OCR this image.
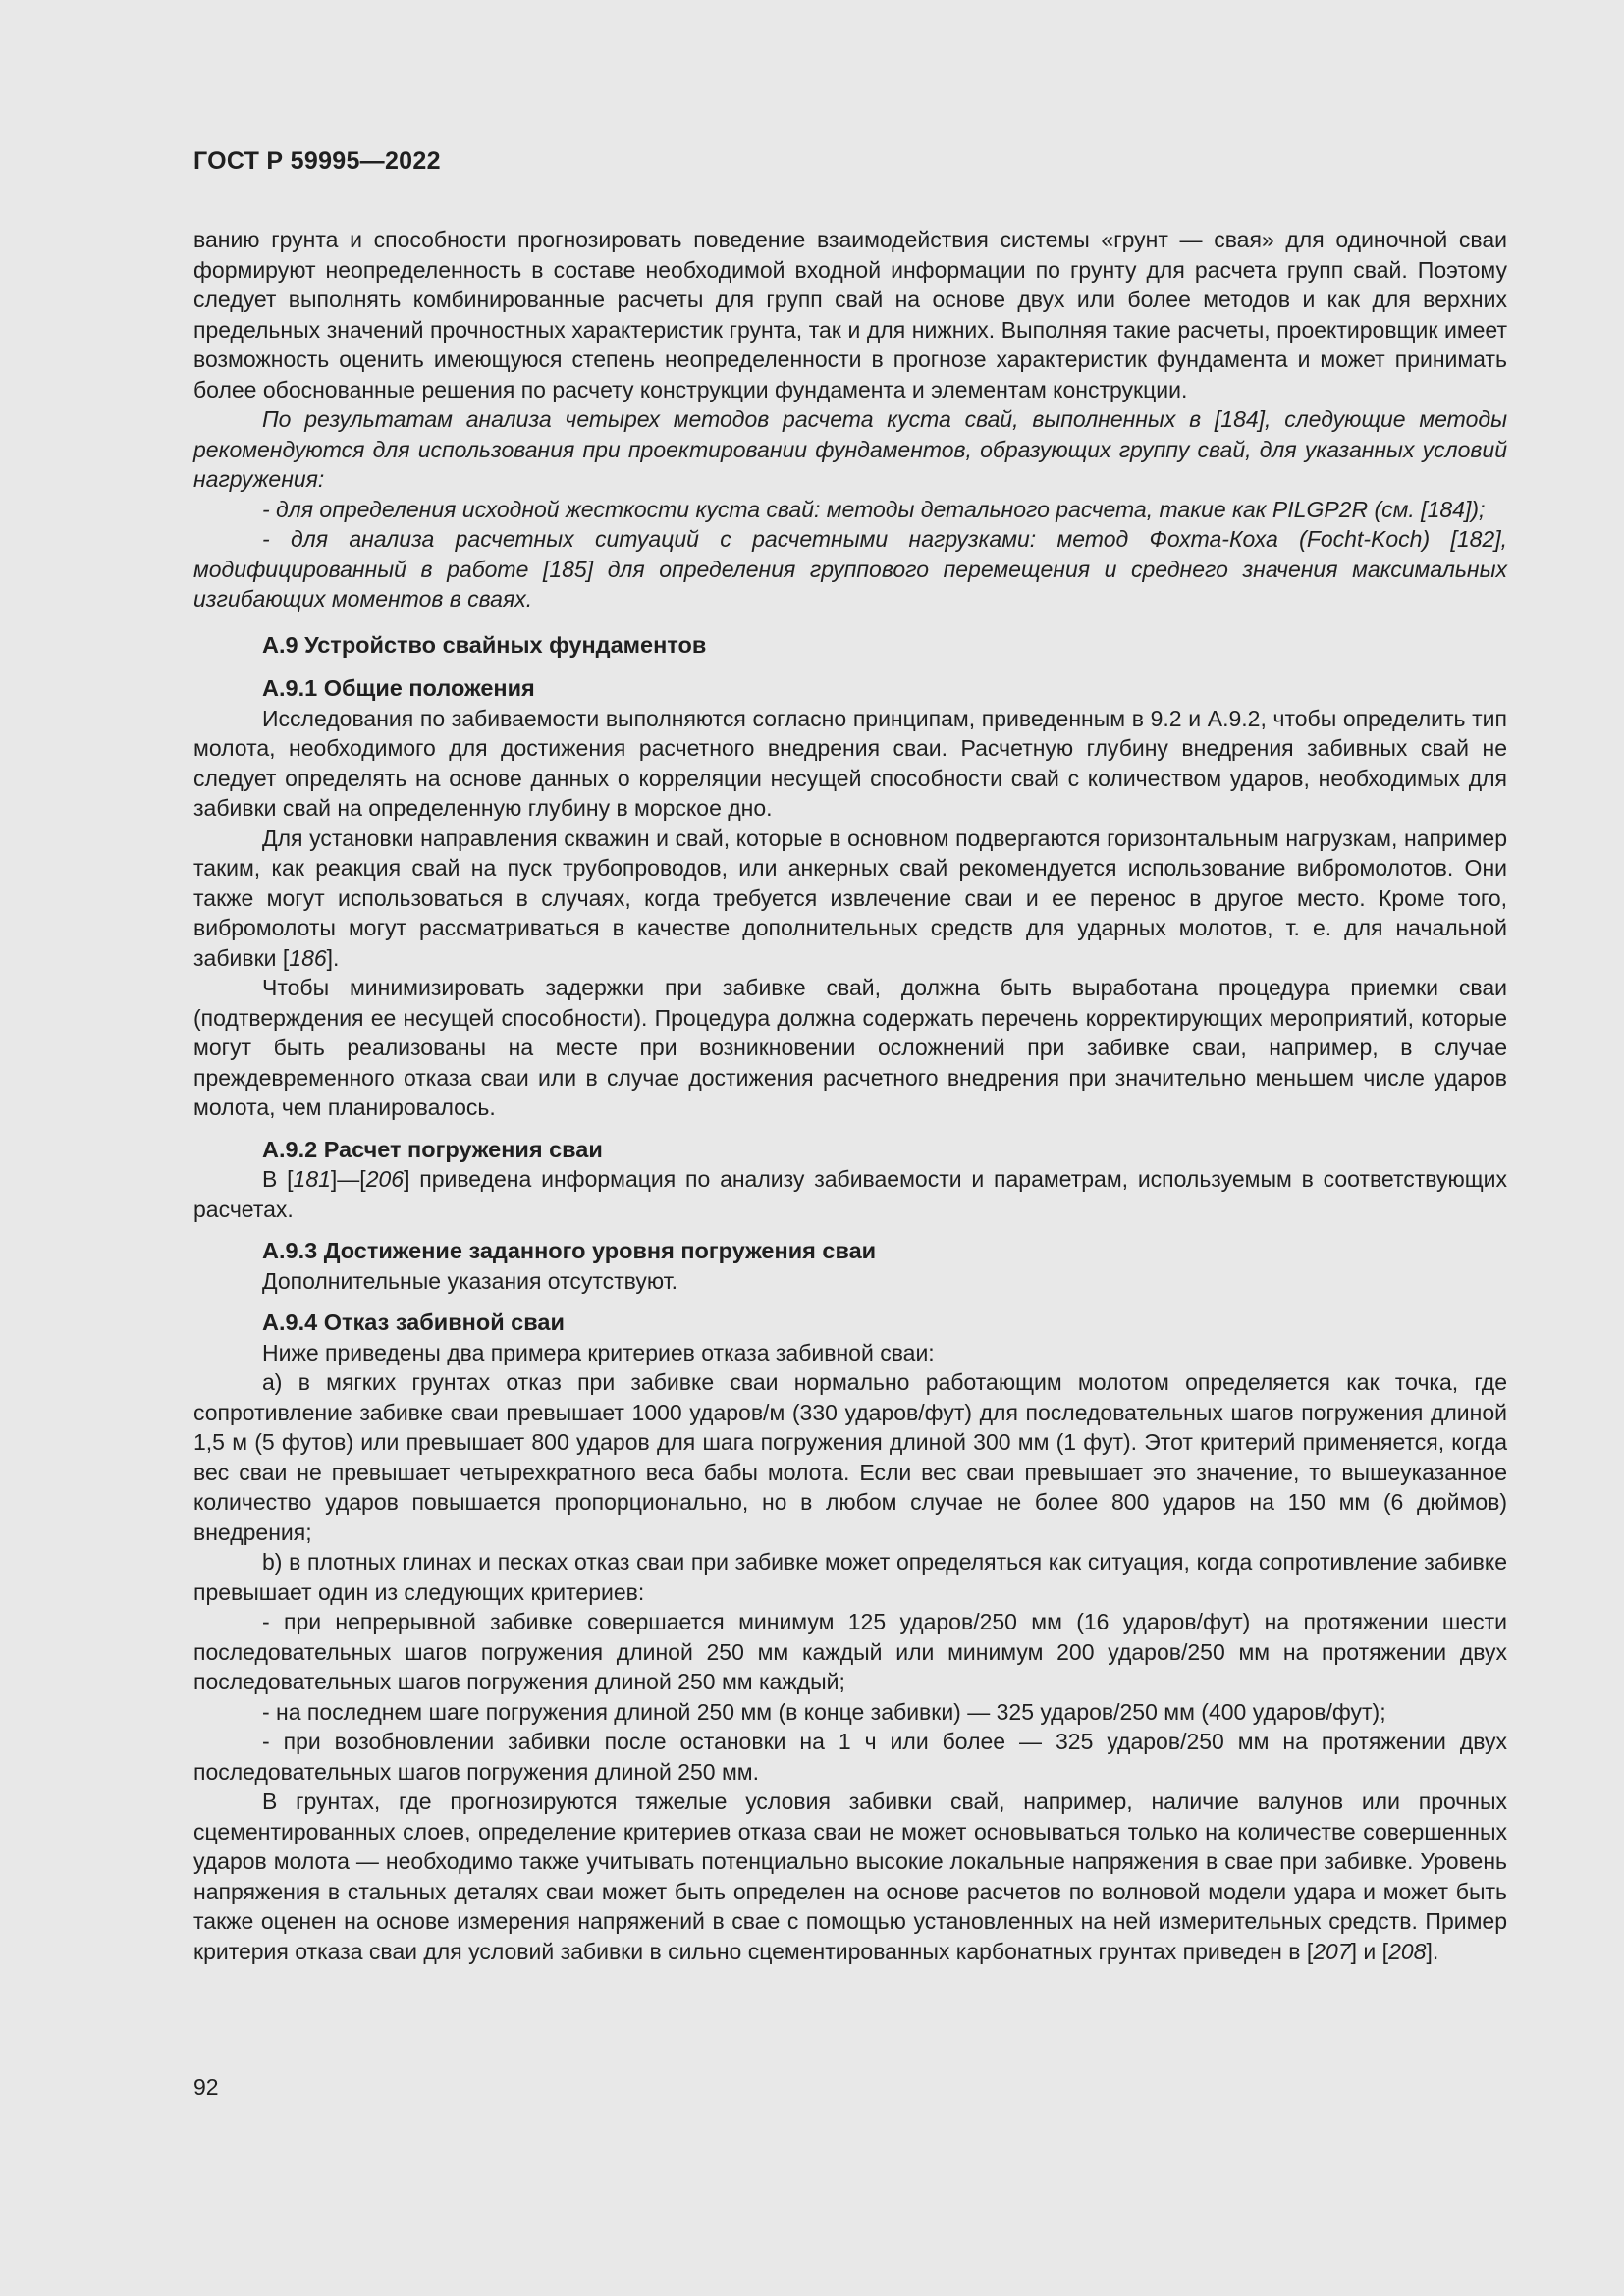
ГОСТ Р 59995—2022

ванию грунта и способности прогнозировать поведение взаимодействия системы «грунт — свая» для одиночной сваи формируют неопределенность в составе необходимой входной информации по грунту для расчета групп свай. Поэтому следует выполнять комбинированные расчеты для групп свай на основе двух или более методов и как для верхних предельных значений прочностных характеристик грунта, так и для нижних. Выполняя такие расчеты, проектировщик имеет возможность оценить имеющуюся степень неопределенности в прогнозе характеристик фундамента и может принимать более обоснованные решения по расчету конструкции фундамента и элементам конструкции.

По результатам анализа четырех методов расчета куста свай, выполненных в [184], следующие методы рекомендуются для использования при проектировании фундаментов, образующих группу свай, для указанных условий нагружения:

- для определения исходной жесткости куста свай: методы детального расчета, такие как PILGP2R (см. [184]);

- для анализа расчетных ситуаций с расчетными нагрузками: метод Фохта-Коха (Focht-Koch) [182], модифицированный в работе [185] для определения группового перемещения и среднего значения максимальных изгибающих моментов в сваях.

А.9 Устройство свайных фундаментов
А.9.1 Общие положения

Исследования по забиваемости выполняются согласно принципам, приведенным в 9.2 и А.9.2, чтобы определить тип молота, необходимого для достижения расчетного внедрения сваи. Расчетную глубину внедрения забивных свай не следует определять на основе данных о корреляции несущей способности свай с количеством ударов, необходимых для забивки свай на определенную глубину в морское дно.

Для установки направления скважин и свай, которые в основном подвергаются горизонтальным нагрузкам, например таким, как реакция свай на пуск трубопроводов, или анкерных свай рекомендуется использование вибромолотов. Они также могут использоваться в случаях, когда требуется извлечение сваи и ее перенос в другое место. Кроме того, вибромолоты могут рассматриваться в качестве дополнительных средств для ударных молотов, т. е. для начальной забивки [186].

Чтобы минимизировать задержки при забивке свай, должна быть выработана процедура приемки сваи (подтверждения ее несущей способности). Процедура должна содержать перечень корректирующих мероприятий, которые могут быть реализованы на месте при возникновении осложнений при забивке сваи, например, в случае преждевременного отказа сваи или в случае достижения расчетного внедрения при значительно меньшем числе ударов молота, чем планировалось.

А.9.2 Расчет погружения сваи

В [181]—[206] приведена информация по анализу забиваемости и параметрам, используемым в соответствующих расчетах.

А.9.3 Достижение заданного уровня погружения сваи

Дополнительные указания отсутствуют.

А.9.4 Отказ забивной сваи

Ниже приведены два примера критериев отказа забивной сваи:

a) в мягких грунтах отказ при забивке сваи нормально работающим молотом определяется как точка, где сопротивление забивке сваи превышает 1000 ударов/м (330 ударов/фут) для последовательных шагов погружения длиной 1,5 м (5 футов) или превышает 800 ударов для шага погружения длиной 300 мм (1 фут). Этот критерий применяется, когда вес сваи не превышает четырехкратного веса бабы молота. Если вес сваи превышает это значение, то вышеуказанное количество ударов повышается пропорционально, но в любом случае не более 800 ударов на 150 мм (6 дюймов) внедрения;

b) в плотных глинах и песках отказ сваи при забивке может определяться как ситуация, когда сопротивление забивке превышает один из следующих критериев:

- при непрерывной забивке совершается минимум 125 ударов/250 мм (16 ударов/фут) на протяжении шести последовательных шагов погружения длиной 250 мм каждый или минимум 200 ударов/250 мм на протяжении двух последовательных шагов погружения длиной 250 мм каждый;

- на последнем шаге погружения длиной 250 мм (в конце забивки) — 325 ударов/250 мм (400 ударов/фут);

- при возобновлении забивки после остановки на 1 ч или более — 325 ударов/250 мм на протяжении двух последовательных шагов погружения длиной 250 мм.

В грунтах, где прогнозируются тяжелые условия забивки свай, например, наличие валунов или прочных сцементированных слоев, определение критериев отказа сваи не может основываться только на количестве совершенных ударов молота — необходимо также учитывать потенциально высокие локальные напряжения в свае при забивке. Уровень напряжения в стальных деталях сваи может быть определен на основе расчетов по волновой модели удара и может быть также оценен на основе измерения напряжений в свае с помощью установленных на ней измерительных средств. Пример критерия отказа сваи для условий забивки в сильно сцементированных карбонатных грунтах приведен в [207] и [208].

92
